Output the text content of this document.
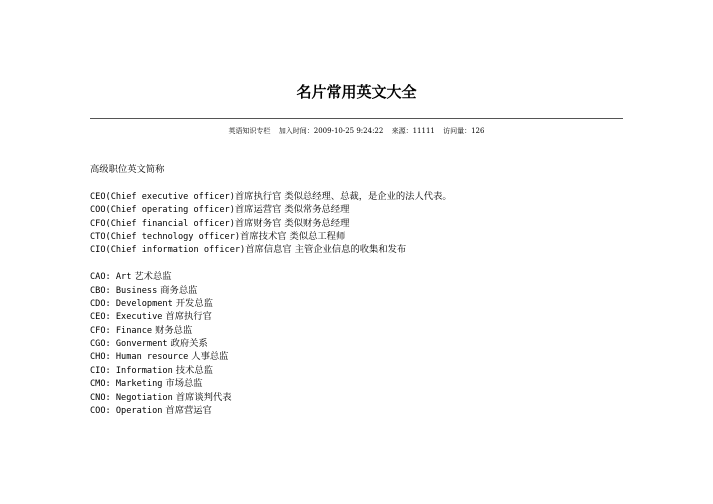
名片常用英文大全
英语知识专栏 加入时间：2009-10-25 9:24:22 来源：11111 访问量：126
高级职位英文简称
CEO(Chief executive officer)首席执行官 类似总经理、总裁，是企业的法人代表。
COO(Chief operating officer)首席运营官 类似常务总经理
CFO(Chief financial officer)首席财务官 类似财务总经理
CTO(Chief technology officer)首席技术官 类似总工程师
CIO(Chief information officer)首席信息官 主管企业信息的收集和发布
CAO: Art 艺术总监
CBO: Business 商务总监
CDO: Development 开发总监
CEO: Executive 首席执行官
CFO: Finance 财务总监
CGO: Gonverment 政府关系
CHO: Human resource 人事总监
CIO: Information 技术总监
CMO: Marketing 市场总监
CNO: Negotiation 首席谈判代表
COO: Operation 首席营运官
